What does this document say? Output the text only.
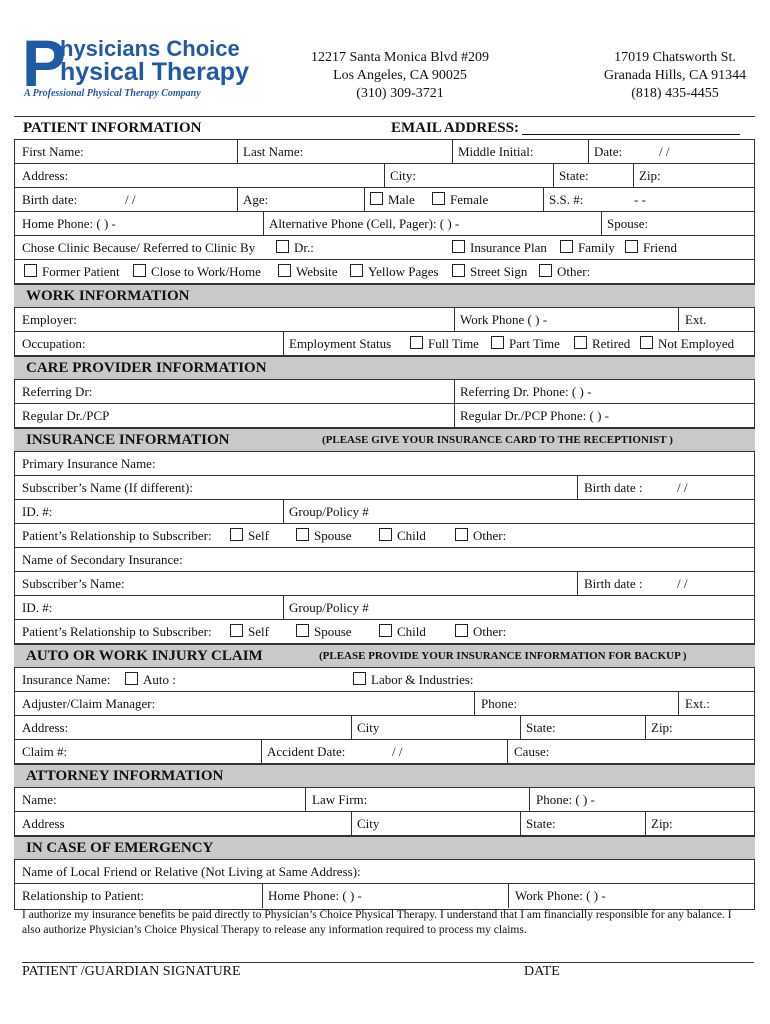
P
hysicians Choice
hysical Therapy
A Professional Physical Therapy Company
12217 Santa Monica Blvd #209
Los Angeles, CA 90025
(310) 309-3721
17019 Chatsworth St.
Granada Hills, CA 91344
(818) 435-4455
PATIENT INFORMATION	EMAIL ADDRESS:
First Name:	Last Name:	Middle Initial:	Date:	/ /
Address:	City:	State:	Zip:
Birth date:	/ /	Age:	Male	Female	S.S. #:	- -
Home Phone: ( ) -	Alternative Phone (Cell, Pager): ( ) -	Spouse:
Chose Clinic Because/ Referred to Clinic By	Dr.:	Insurance Plan	Family	Friend
Former Patient	Close to Work/Home	Website	Yellow Pages	Street Sign	Other:
WORK INFORMATION
Employer:	Work Phone ( ) -	Ext.
Occupation:	Employment Status	Full Time	Part Time	Retired	Not Employed
CARE PROVIDER INFORMATION
Referring Dr:	Referring Dr. Phone: ( ) -
Regular Dr./PCP	Regular Dr./PCP Phone: ( ) -
INSURANCE INFORMATION	(PLEASE GIVE YOUR INSURANCE CARD TO THE RECEPTIONIST )
Primary Insurance Name:
Subscriber’s Name (If different):	Birth date :	/ /
ID. #:	Group/Policy #
Patient’s Relationship to Subscriber:	Self	Spouse	Child	Other:
Name of Secondary Insurance:
Subscriber’s Name:	Birth date :	/ /
ID. #:	Group/Policy #
Patient’s Relationship to Subscriber:	Self	Spouse	Child	Other:
AUTO OR WORK INJURY CLAIM	(PLEASE PROVIDE YOUR INSURANCE INFORMATION FOR BACKUP )
Insurance Name:	Auto :	Labor & Industries:
Adjuster/Claim Manager:	Phone:	Ext.:
Address:	City	State:	Zip:
Claim #:	Accident Date:	/ /	Cause:
ATTORNEY INFORMATION
Name:	Law Firm:	Phone: ( ) -
Address	City	State:	Zip:
IN CASE OF EMERGENCY
Name of Local Friend or Relative (Not Living at Same Address):
Relationship to Patient:	Home Phone: ( ) -	Work Phone: ( ) -
I authorize my insurance benefits be paid directly to Physician’s Choice Physical Therapy. I understand that I am financially responsible for any balance. I also authorize Physician’s Choice Physical Therapy to release any information required to process my claims.
PATIENT /GUARDIAN SIGNATURE	DATE
